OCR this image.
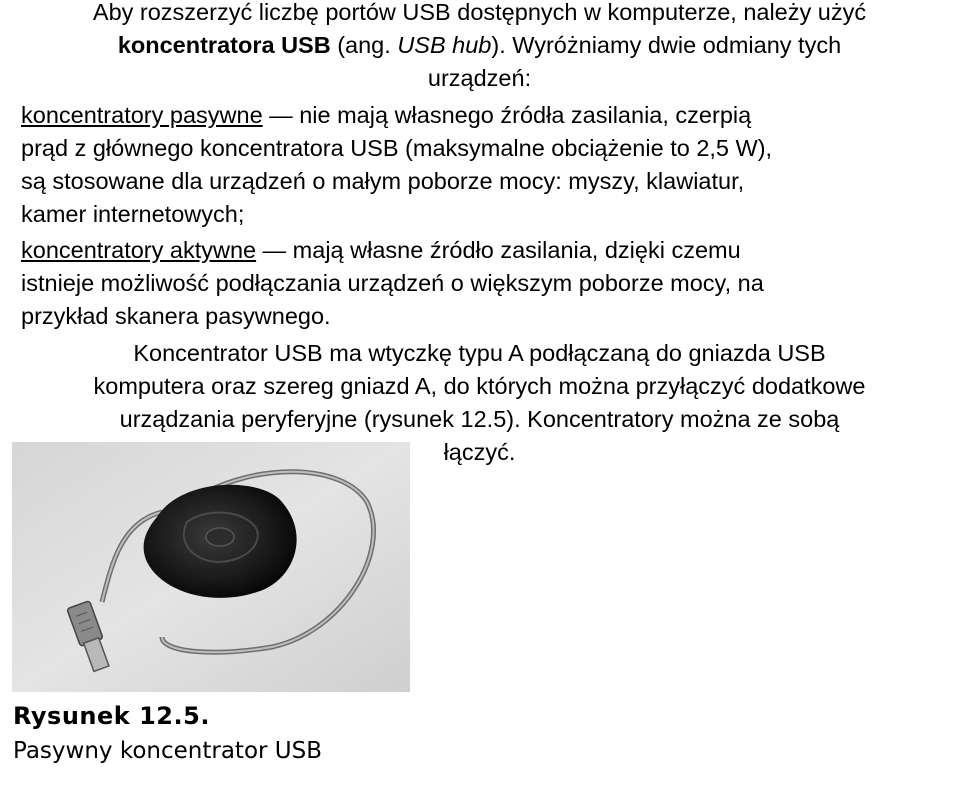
Aby rozszerzyć liczbę portów USB dostępnych w komputerze, należy użyć
koncentratora USB (ang. USB hub). Wyróżniamy dwie odmiany tych
urządzeń:
koncentratory pasywne — nie mają własnego źródła zasilania, czerpią
prąd z głównego koncentratora USB (maksymalne obciążenie to 2,5 W),
są stosowane dla urządzeń o małym poborze mocy: myszy, klawiatur,
kamer internetowych;
koncentratory aktywne — mają własne źródło zasilania, dzięki czemu
istnieje możliwość podłączania urządzeń o większym poborze mocy, na
przykład skanera pasywnego.
Koncentrator USB ma wtyczkę typu A podłączaną do gniazda USB
komputera oraz szereg gniazd A, do których można przyłączyć dodatkowe
urządzania peryferyjne (rysunek 12.5). Koncentratory można ze sobą
łączyć.
Rysunek 12.5.
Pasywny koncentrator USB
